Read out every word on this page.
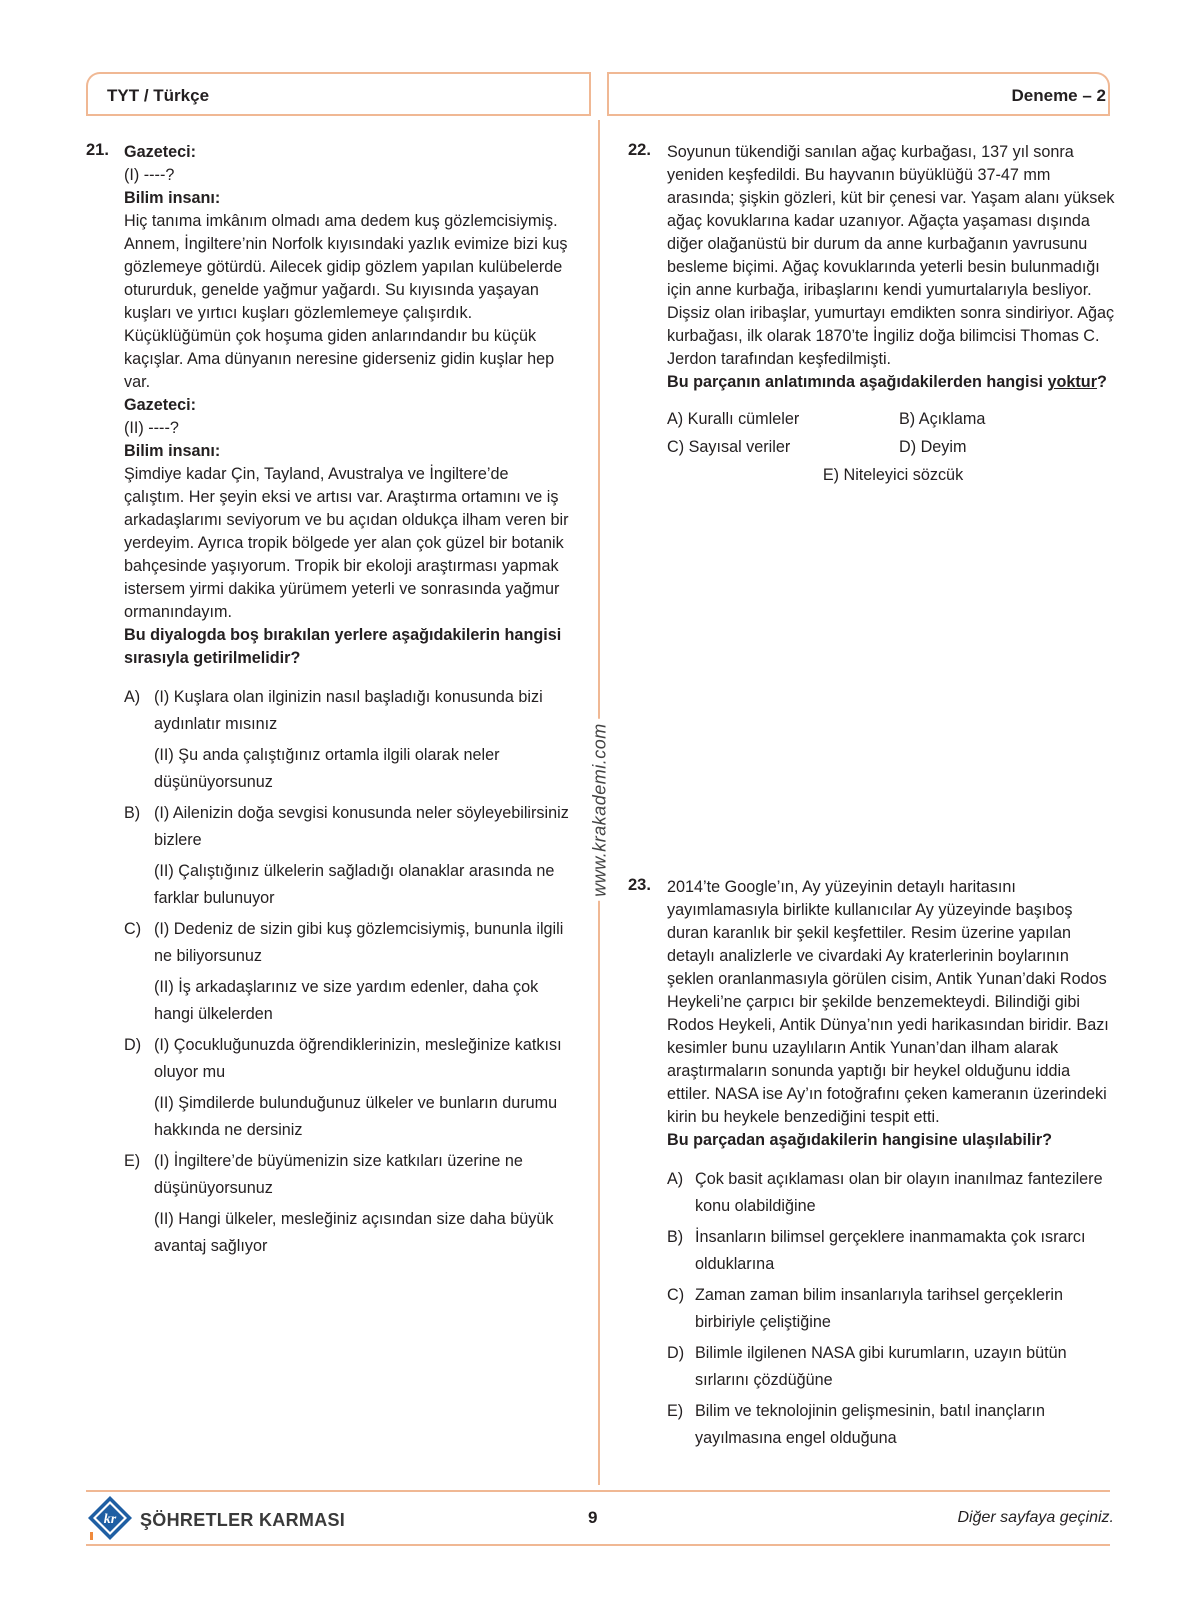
TYT / Türkçe	Deneme – 2
www.krakademi.com
21. Gazeteci:

(I) ----?

Bilim insanı:

Hiç tanıma imkânım olmadı ama dedem kuş gözlemcisiymiş. Annem, İngiltere’nin Norfolk kıyısındaki yazlık evimize bizi kuş gözlemeye götürdü. Ailecek gidip gözlem yapılan kulübelerde otururduk, genelde yağmur yağardı. Su kıyısında yaşayan kuşları ve yırtıcı kuşları gözlemlemeye çalışırdık. Küçüklüğümün çok hoşuma giden anlarındandır bu küçük kaçışlar. Ama dünyanın neresine giderseniz gidin kuşlar hep var.

Gazeteci:

(II) ----?

Bilim insanı:

Şimdiye kadar Çin, Tayland, Avustralya ve İngiltere’de çalıştım. Her şeyin eksi ve artısı var. Araştırma ortamını ve iş arkadaşlarımı seviyorum ve bu açıdan oldukça ilham veren bir yerdeyim. Ayrıca tropik bölgede yer alan çok güzel bir botanik bahçesinde yaşıyorum. Tropik bir ekoloji araştırması yapmak istersem yirmi dakika yürümem yeterli ve sonrasında yağmur ormanındayım.

Bu diyalogda boş bırakılan yerlere aşağıdakilerin hangisi sırasıyla getirilmelidir?

A) (I) Kuşlara olan ilginizin nasıl başladığı konusunda bizi aydınlatır mısınız

(II) Şu anda çalıştığınız ortamla ilgili olarak neler düşünüyorsunuz

B) (I) Ailenizin doğa sevgisi konusunda neler söyleyebilirsiniz bizlere

(II) Çalıştığınız ülkelerin sağladığı olanaklar arasında ne farklar bulunuyor

C) (I) Dedeniz de sizin gibi kuş gözlemcisiymiş, bununla ilgili ne biliyorsunuz

(II) İş arkadaşlarınız ve size yardım edenler, daha çok hangi ülkelerden

D) (I) Çocukluğunuzda öğrendiklerinizin, mesleğinize katkısı oluyor mu

(II) Şimdilerde bulunduğunuz ülkeler ve bunların durumu hakkında ne dersiniz

E) (I) İngiltere’de büyümenizin size katkıları üzerine ne düşünüyorsunuz

(II) Hangi ülkeler, mesleğiniz açısından size daha büyük avantaj sağlıyor

22. Soyunun tükendiği sanılan ağaç kurbağası, 137 yıl sonra yeniden keşfedildi. Bu hayvanın büyüklüğü 37-47 mm arasında; şişkin gözleri, küt bir çenesi var. Yaşam alanı yüksek ağaç kovuklarına kadar uzanıyor. Ağaçta yaşaması dışında diğer olağanüstü bir durum da anne kurbağanın yavrusunu besleme biçimi. Ağaç kovuklarında yeterli besin bulunmadığı için anne kurbağa, iribaşlarını kendi yumurtalarıyla besliyor. Dişsiz olan iribaşlar, yumurtayı emdikten sonra sindiriyor. Ağaç kurbağası, ilk olarak 1870’te İngiliz doğa bilimcisi Thomas C. Jerdon tarafından keşfedilmişti.

Bu parçanın anlatımında aşağıdakilerden hangisi yoktur?

A) Kurallı cümleler	B) Açıklama
C) Sayısal veriler	D) Deyim
E) Niteleyici sözcük
23. 2014’te Google’ın, Ay yüzeyinin detaylı haritasını yayımlamasıyla birlikte kullanıcılar Ay yüzeyinde başıboş duran karanlık bir şekil keşfettiler. Resim üzerine yapılan detaylı analizlerle ve civardaki Ay kraterlerinin boylarının şeklen oranlanmasıyla görülen cisim, Antik Yunan’daki Rodos Heykeli’ne çarpıcı bir şekilde benzemekteydi. Bilindiği gibi Rodos Heykeli, Antik Dünya’nın yedi harikasından biridir. Bazı kesimler bunu uzaylıların Antik Yunan’dan ilham alarak araştırmaların sonunda yaptığı bir heykel olduğunu iddia ettiler. NASA ise Ay’ın fotoğrafını çeken kameranın üzerindeki kirin bu heykele benzediğini tespit etti.

Bu parçadan aşağıdakilerin hangisine ulaşılabilir?

A) Çok basit açıklaması olan bir olayın inanılmaz fantezilere konu olabildiğine

B) İnsanların bilimsel gerçeklere inanmamakta çok ısrarcı olduklarına

C) Zaman zaman bilim insanlarıyla tarihsel gerçeklerin birbiriyle çeliştiğine

D) Bilimle ilgilenen NASA gibi kurumların, uzayın bütün sırlarını çözdüğüne

E) Bilim ve teknolojinin gelişmesinin, batıl inançların yayılmasına engel olduğuna

kr ŞÖHRETLER KARMASI	9	Diğer sayfaya geçiniz.
